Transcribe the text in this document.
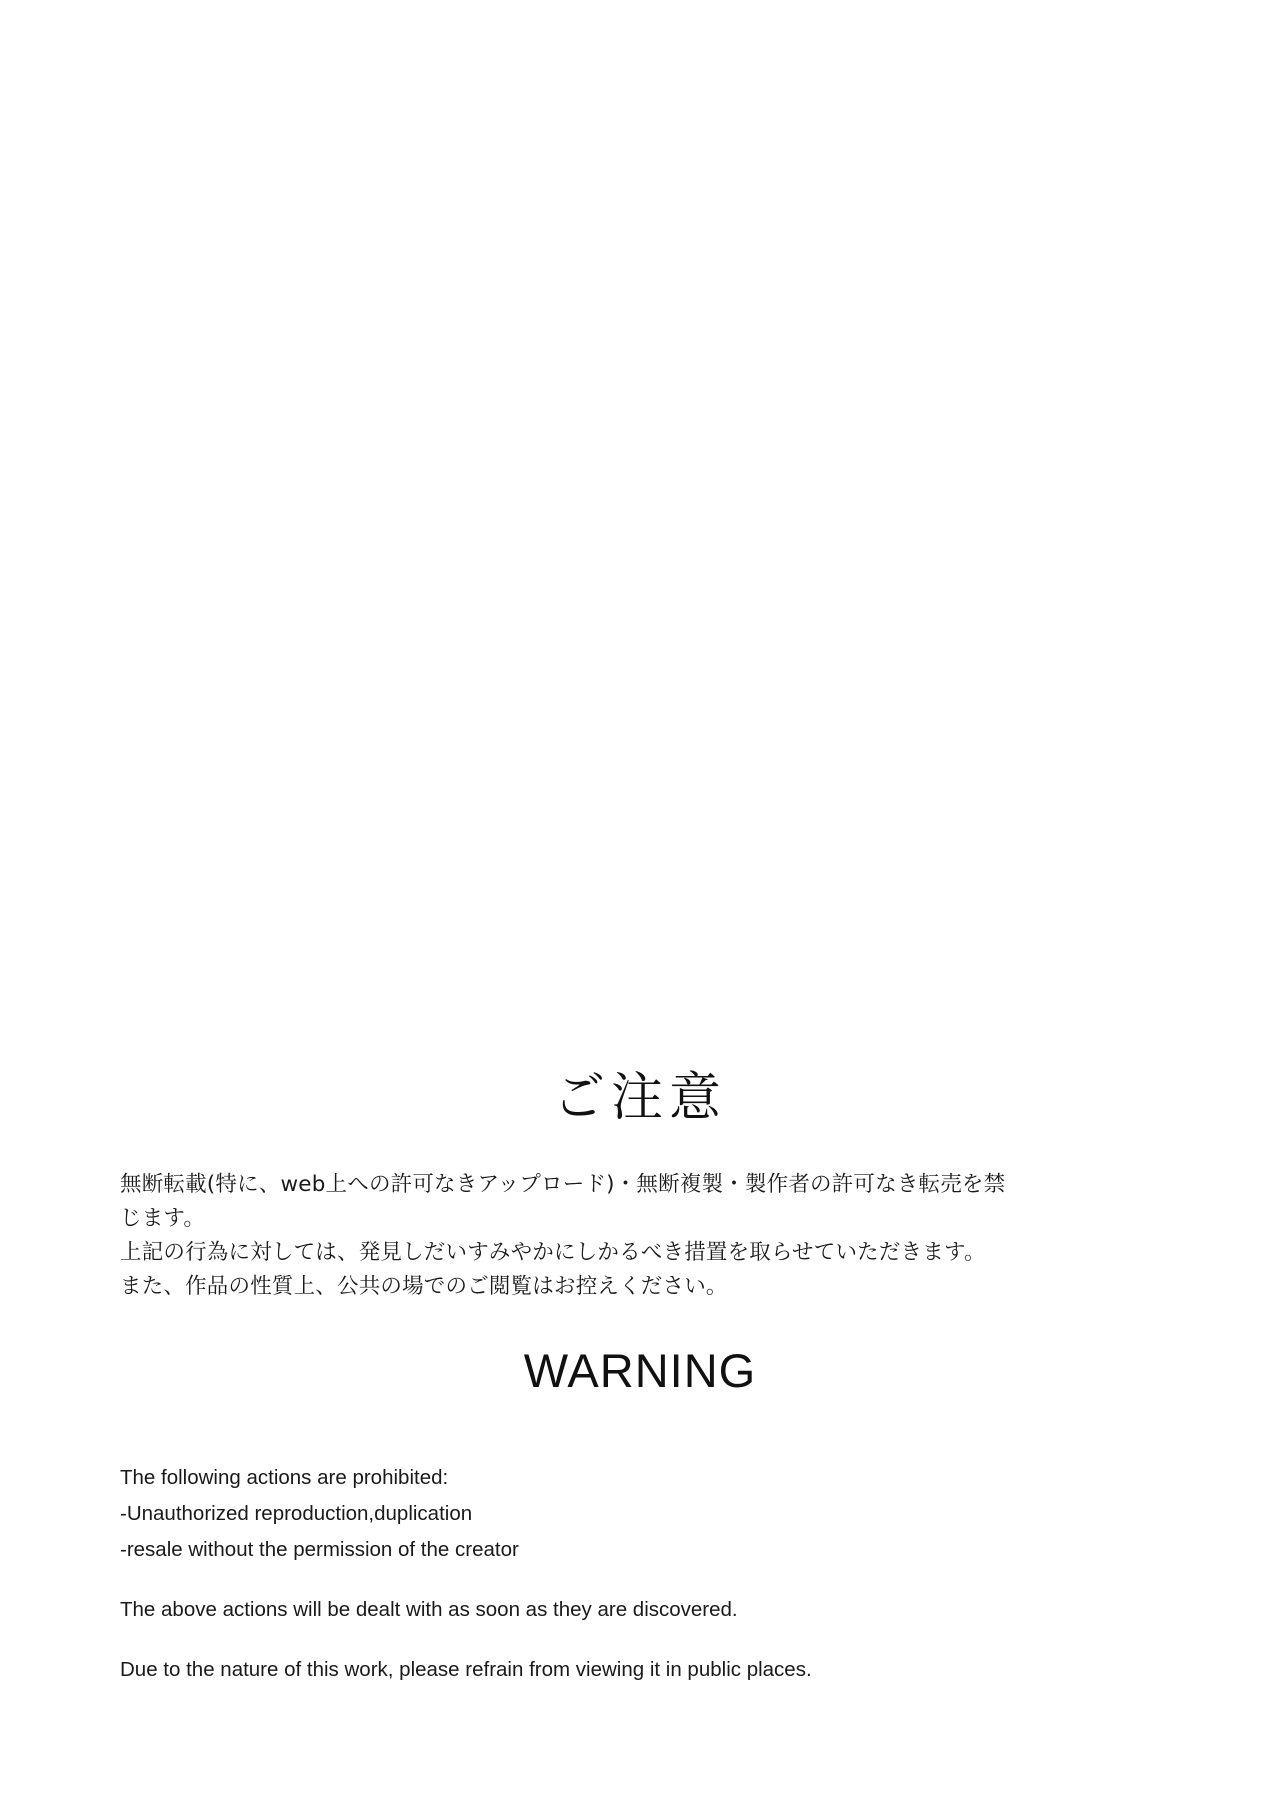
ご注意

無断転載(特に、web上への許可なきアップロード)・無断複製・製作者の許可なき転売を禁

じます。

上記の行為に対しては、発見しだいすみやかにしかるべき措置を取らせていただきます。

また、作品の性質上、公共の場でのご閲覧はお控えください。

WARNING

The following actions are prohibited:

-Unauthorized reproduction,duplication

-resale without the permission of the creator

The above actions will be dealt with as soon as they are discovered.

Due to the nature of this work, please refrain from viewing it in public places.
